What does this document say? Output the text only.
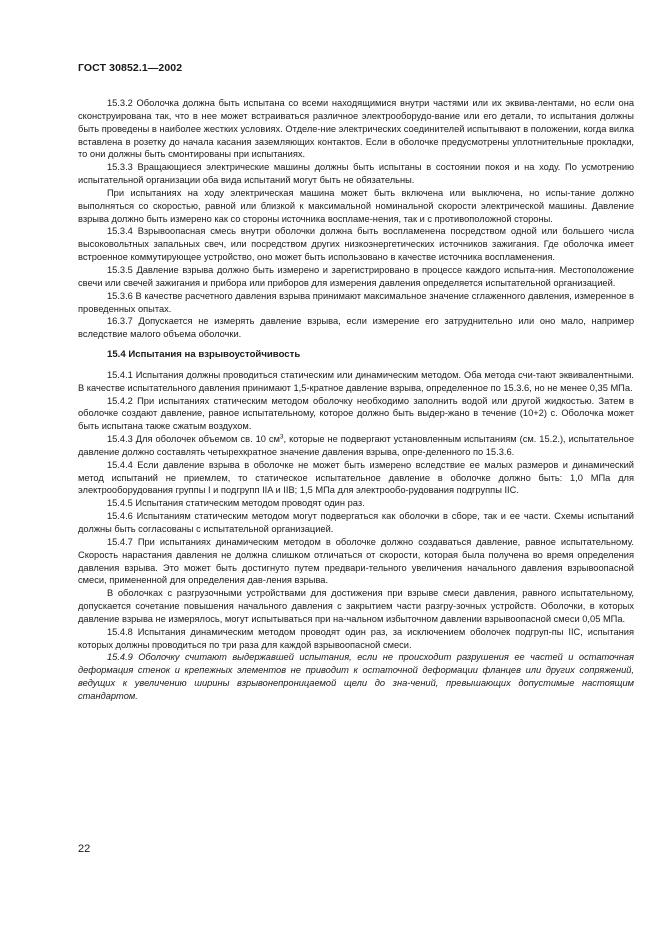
ГОСТ 30852.1—2002

15.3.2 Оболочка должна быть испытана со всеми находящимися внутри частями или их эквива-лентами, но если она сконструирована так, что в нее может встраиваться различное электрооборудо-вание или его детали, то испытания должны быть проведены в наиболее жестких условиях. Отделе-ние электрических соединителей испытывают в положении, когда вилка вставлена в розетку до начала касания заземляющих контактов. Если в оболочке предусмотрены уплотнительные прокладки, то они должны быть смонтированы при испытаниях.

15.3.3 Вращающиеся электрические машины должны быть испытаны в состоянии покоя и на ходу. По усмотрению испытательной организации оба вида испытаний могут быть не обязательны.

При испытаниях на ходу электрическая машина может быть включена или выключена, но испы-тание должно выполняться со скоростью, равной или близкой к максимальной номинальной скорости электрической машины. Давление взрыва должно быть измерено как со стороны источника воспламе-нения, так и с противоположной стороны.

15.3.4 Взрывоопасная смесь внутри оболочки должна быть воспламенена посредством одной или большего числа высоковольтных запальных свеч, или посредством других низкоэнергетических источников зажигания. Где оболочка имеет встроенное коммутирующее устройство, оно может быть использовано в качестве источника воспламенения.

15.3.5 Давление взрыва должно быть измерено и зарегистрировано в процессе каждого испыта-ния. Местоположение свечи или свечей зажигания и прибора или приборов для измерения давления определяется испытательной организацией.

15.3.6 В качестве расчетного давления взрыва принимают максимальное значение сглаженного давления, измеренное в проведенных опытах.

16.3.7 Допускается не измерять давление взрыва, если измерение его затруднительно или оно мало, например вследствие малого объема оболочки.

15.4 Испытания на взрывоустойчивость

15.4.1 Испытания должны проводиться статическим или динамическим методом. Оба метода счи-тают эквивалентными. В качестве испытательного давления принимают 1,5-кратное давление взрыва, определенное по 15.3.6, но не менее 0,35 МПа.

15.4.2 При испытаниях статическим методом оболочку необходимо заполнить водой или другой жидкостью. Затем в оболочке создают давление, равное испытательному, которое должно быть выдер-жано в течение (10+2) с. Оболочка может быть испытана также сжатым воздухом.

15.4.3 Для оболочек объемом св. 10 $см^3$, которые не подвергают установленным испытаниям (см. 15.2.), испытательное давление должно составлять четырехкратное значение давления взрыва, опре-деленного по 15.3.6.

15.4.4 Если давление взрыва в оболочке не может быть измерено вследствие ее малых размеров и динамический метод испытаний не приемлем, то статическое испытательное давление в оболочке должно быть: 1,0 МПа для электрооборудования группы I и подгрупп IIA и IIB; 1,5 МПа для электрообо-рудования подгруппы IIC.

15.4.5 Испытания статическим методом проводят один раз.

15.4.6 Испытаниям статическим методом могут подвергаться как оболочки в сборе, так и ее части. Схемы испытаний должны быть согласованы с испытательной организацией.

15.4.7 При испытаниях динамическим методом в оболочке должно создаваться давление, равное испытательному. Скорость нарастания давления не должна слишком отличаться от скорости, которая была получена во время определения давления взрыва. Это может быть достигнуто путем предвари-тельного увеличения начального давления взрывоопасной смеси, примененной для определения дав-ления взрыва.

В оболочках с разгрузочными устройствами для достижения при взрыве смеси давления, равного испытательному, допускается сочетание повышения начального давления с закрытием части разгру-зочных устройств. Оболочки, в которых давление взрыва не измерялось, могут испытываться при на-чальном избыточном давлении взрывоопасной смеси 0,05 МПа.

15.4.8 Испытания динамическим методом проводят один раз, за исключением оболочек подгруп-пы IIC, испытания которых должны проводиться по три раза для каждой взрывоопасной смеси.

15.4.9 Оболочку считают выдержавшей испытания, если не происходит разрушения ее частей и остаточная деформация стенок и крепежных элементов не приводит к остаточной деформации фланцев или других сопряжений, ведущих к увеличению ширины взрывонепроницаемой щели до зна-чений, превышающих допустимые настоящим стандартом.

22
